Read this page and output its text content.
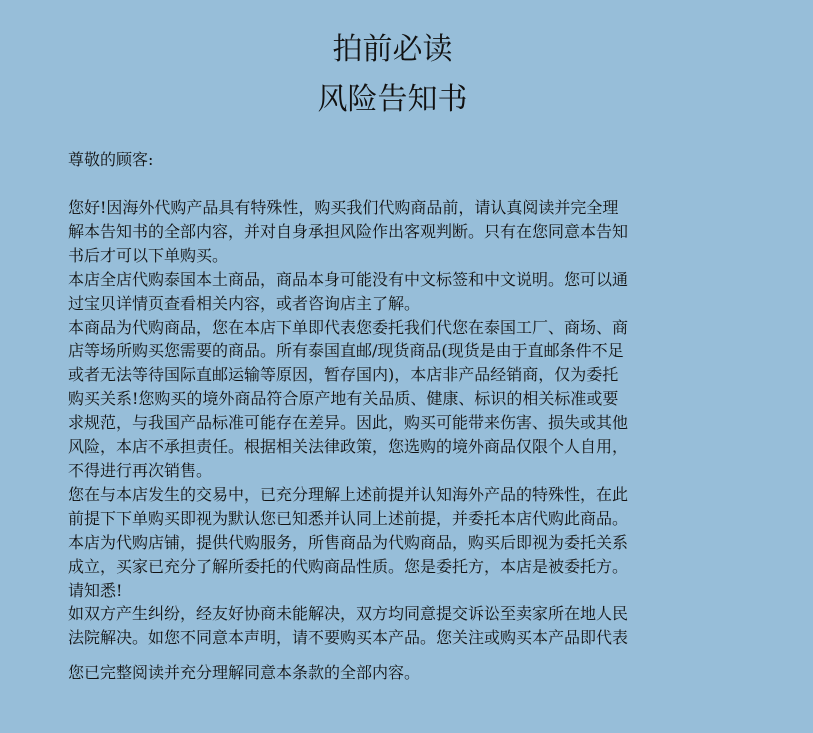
拍前必读
风险告知书

尊敬的顾客:

您好!因海外代购产品具有特殊性，购买我们代购商品前，请认真阅读并完全理
解本告知书的全部内容，并对自身承担风险作出客观判断。只有在您同意本告知
书后才可以下单购买。
本店全店代购泰国本土商品，商品本身可能没有中文标签和中文说明。您可以通
过宝贝详情页查看相关内容，或者咨询店主了解。
本商品为代购商品，您在本店下单即代表您委托我们代您在泰国工厂、商场、商
店等场所购买您需要的商品。所有泰国直邮/现货商品(现货是由于直邮条件不足
或者无法等待国际直邮运输等原因，暂存国内)，本店非产品经销商，仅为委托
购买关系!您购买的境外商品符合原产地有关品质、健康、标识的相关标准或要
求规范，与我国产品标准可能存在差异。因此，购买可能带来伤害、损失或其他
风险，本店不承担责任。根据相关法律政策，您选购的境外商品仅限个人自用，
不得进行再次销售。
您在与本店发生的交易中，已充分理解上述前提并认知海外产品的特殊性，在此
前提下下单购买即视为默认您已知悉并认同上述前提，并委托本店代购此商品。
本店为代购店铺，提供代购服务，所售商品为代购商品，购买后即视为委托关系
成立，买家已充分了解所委托的代购商品性质。您是委托方，本店是被委托方。
请知悉!
如双方产生纠纷，经友好协商未能解决，双方均同意提交诉讼至卖家所在地人民
法院解决。如您不同意本声明，请不要购买本产品。您关注或购买本产品即代表

您已完整阅读并充分理解同意本条款的全部内容。
